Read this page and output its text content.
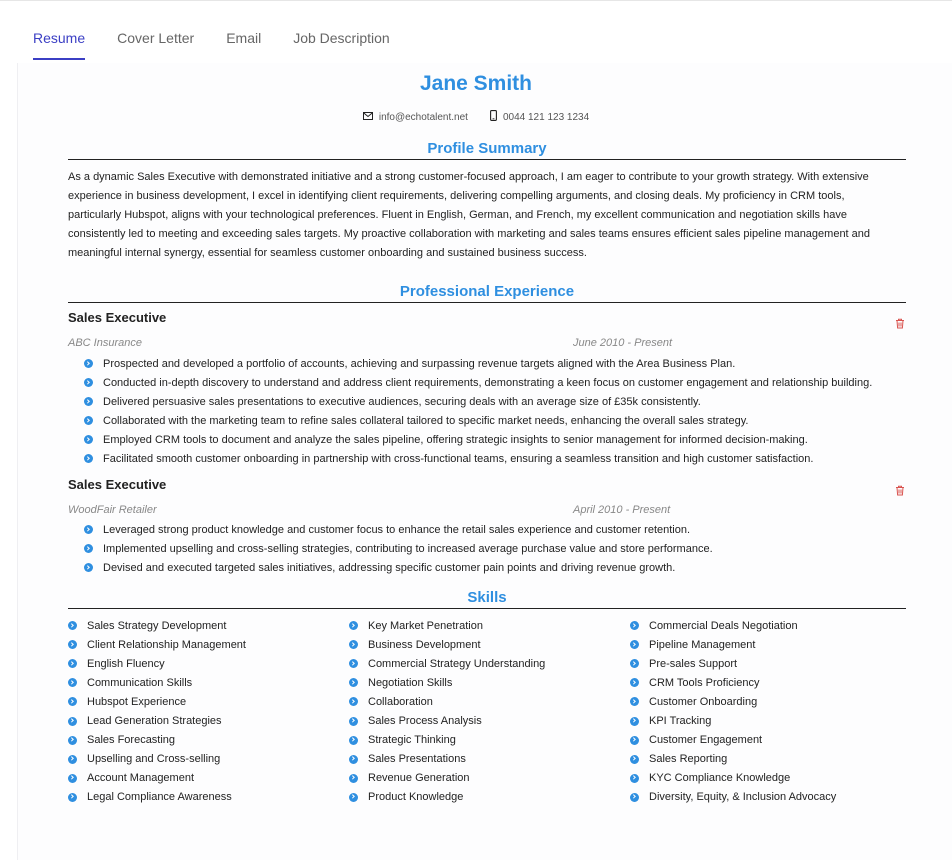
Resume Cover Letter Email Job Description
Jane Smith
info@echotalent.net	0044 121 123 1234
Profile Summary
As a dynamic Sales Executive with demonstrated initiative and a strong customer-focused approach, I am eager to contribute to your growth strategy. With extensive experience in business development, I excel in identifying client requirements, delivering compelling arguments, and closing deals. My proficiency in CRM tools, particularly Hubspot, aligns with your technological preferences. Fluent in English, German, and French, my excellent communication and negotiation skills have consistently led to meeting and exceeding sales targets. My proactive collaboration with marketing and sales teams ensures efficient sales pipeline management and meaningful internal synergy, essential for seamless customer onboarding and sustained business success.
Professional Experience
Sales Executive
ABC Insurance	June 2010 - Present
Prospected and developed a portfolio of accounts, achieving and surpassing revenue targets aligned with the Area Business Plan.
Conducted in-depth discovery to understand and address client requirements, demonstrating a keen focus on customer engagement and relationship building.
Delivered persuasive sales presentations to executive audiences, securing deals with an average size of £35k consistently.
Collaborated with the marketing team to refine sales collateral tailored to specific market needs, enhancing the overall sales strategy.
Employed CRM tools to document and analyze the sales pipeline, offering strategic insights to senior management for informed decision-making.
Facilitated smooth customer onboarding in partnership with cross-functional teams, ensuring a seamless transition and high customer satisfaction.
Sales Executive
WoodFair Retailer	April 2010 - Present
Leveraged strong product knowledge and customer focus to enhance the retail sales experience and customer retention.
Implemented upselling and cross-selling strategies, contributing to increased average purchase value and store performance.
Devised and executed targeted sales initiatives, addressing specific customer pain points and driving revenue growth.
Skills
Sales Strategy Development	Key Market Penetration	Commercial Deals Negotiation
Client Relationship Management	Business Development	Pipeline Management
English Fluency	Commercial Strategy Understanding	Pre-sales Support
Communication Skills	Negotiation Skills	CRM Tools Proficiency
Hubspot Experience	Collaboration	Customer Onboarding
Lead Generation Strategies	Sales Process Analysis	KPI Tracking
Sales Forecasting	Strategic Thinking	Customer Engagement
Upselling and Cross-selling	Sales Presentations	Sales Reporting
Account Management	Revenue Generation	KYC Compliance Knowledge
Legal Compliance Awareness	Product Knowledge	Diversity, Equity, & Inclusion Advocacy
